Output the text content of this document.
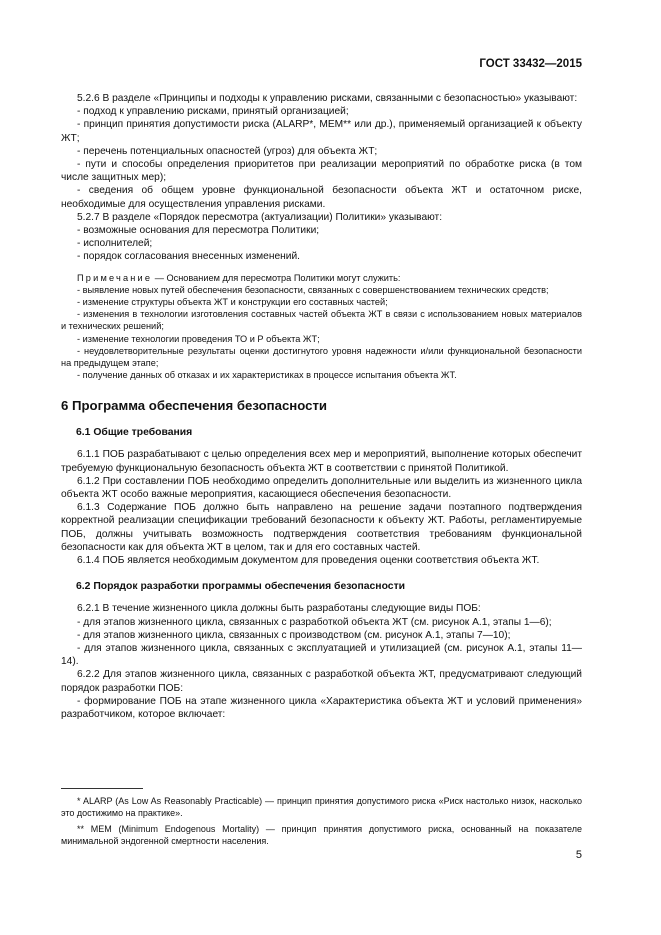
ГОСТ 33432—2015

5.2.6 В разделе «Принципы и подходы к управлению рисками, связанными с безопасностью» указывают:

- подход к управлению рисками, принятый организацией;

- принцип принятия допустимости риска (ALARP*, MEM** или др.), применяемый организацией к объекту ЖТ;

- перечень потенциальных опасностей (угроз) для объекта ЖТ;

- пути и способы определения приоритетов при реализации мероприятий по обработке риска (в том числе защитных мер);

- сведения об общем уровне функциональной безопасности объекта ЖТ и остаточном риске, необходимые для осуществления управления рисками.

5.2.7 В разделе «Порядок пересмотра (актуализации) Политики» указывают:

- возможные основания для пересмотра Политики;

- исполнителей;

- порядок согласования внесенных изменений.

Примечание — Основанием для пересмотра Политики могут служить:

- выявление новых путей обеспечения безопасности, связанных с совершенствованием технических средств;

- изменение структуры объекта ЖТ и конструкции его составных частей;

- изменения в технологии изготовления составных частей объекта ЖТ в связи с использованием новых материалов и технических решений;

- изменение технологии проведения ТО и Р объекта ЖТ;

- неудовлетворительные результаты оценки достигнутого уровня надежности и/или функциональной безопасности на предыдущем этапе;

- получение данных об отказах и их характеристиках в процессе испытания объекта ЖТ.

6 Программа обеспечения безопасности
6.1 Общие требования

6.1.1 ПОБ разрабатывают с целью определения всех мер и мероприятий, выполнение которых обеспечит требуемую функциональную безопасность объекта ЖТ в соответствии с принятой Политикой.

6.1.2 При составлении ПОБ необходимо определить дополнительные или выделить из жизненного цикла объекта ЖТ особо важные мероприятия, касающиеся обеспечения безопасности.

6.1.3 Содержание ПОБ должно быть направлено на решение задачи поэтапного подтверждения корректной реализации спецификации требований безопасности к объекту ЖТ. Работы, регламентируемые ПОБ, должны учитывать возможность подтверждения соответствия требованиям функциональной безопасности как для объекта ЖТ в целом, так и для его составных частей.

6.1.4 ПОБ является необходимым документом для проведения оценки соответствия объекта ЖТ.

6.2 Порядок разработки программы обеспечения безопасности

6.2.1 В течение жизненного цикла должны быть разработаны следующие виды ПОБ:

- для этапов жизненного цикла, связанных с разработкой объекта ЖТ (см. рисунок А.1, этапы 1—6);

- для этапов жизненного цикла, связанных с производством (см. рисунок А.1, этапы 7—10);

- для этапов жизненного цикла, связанных с эксплуатацией и утилизацией (см. рисунок А.1, этапы 11—14).

6.2.2 Для этапов жизненного цикла, связанных с разработкой объекта ЖТ, предусматривают следующий порядок разработки ПОБ:

- формирование ПОБ на этапе жизненного цикла «Характеристика объекта ЖТ и условий применения» разработчиком, которое включает:

* ALARP (As Low As Reasonably Practicable) — принцип принятия допустимого риска «Риск настолько низок, насколько это достижимо на практике».

** MEM (Minimum Endogenous Mortality) — принцип принятия допустимого риска, основанный на показателе минимальной эндогенной смертности населения.

5
